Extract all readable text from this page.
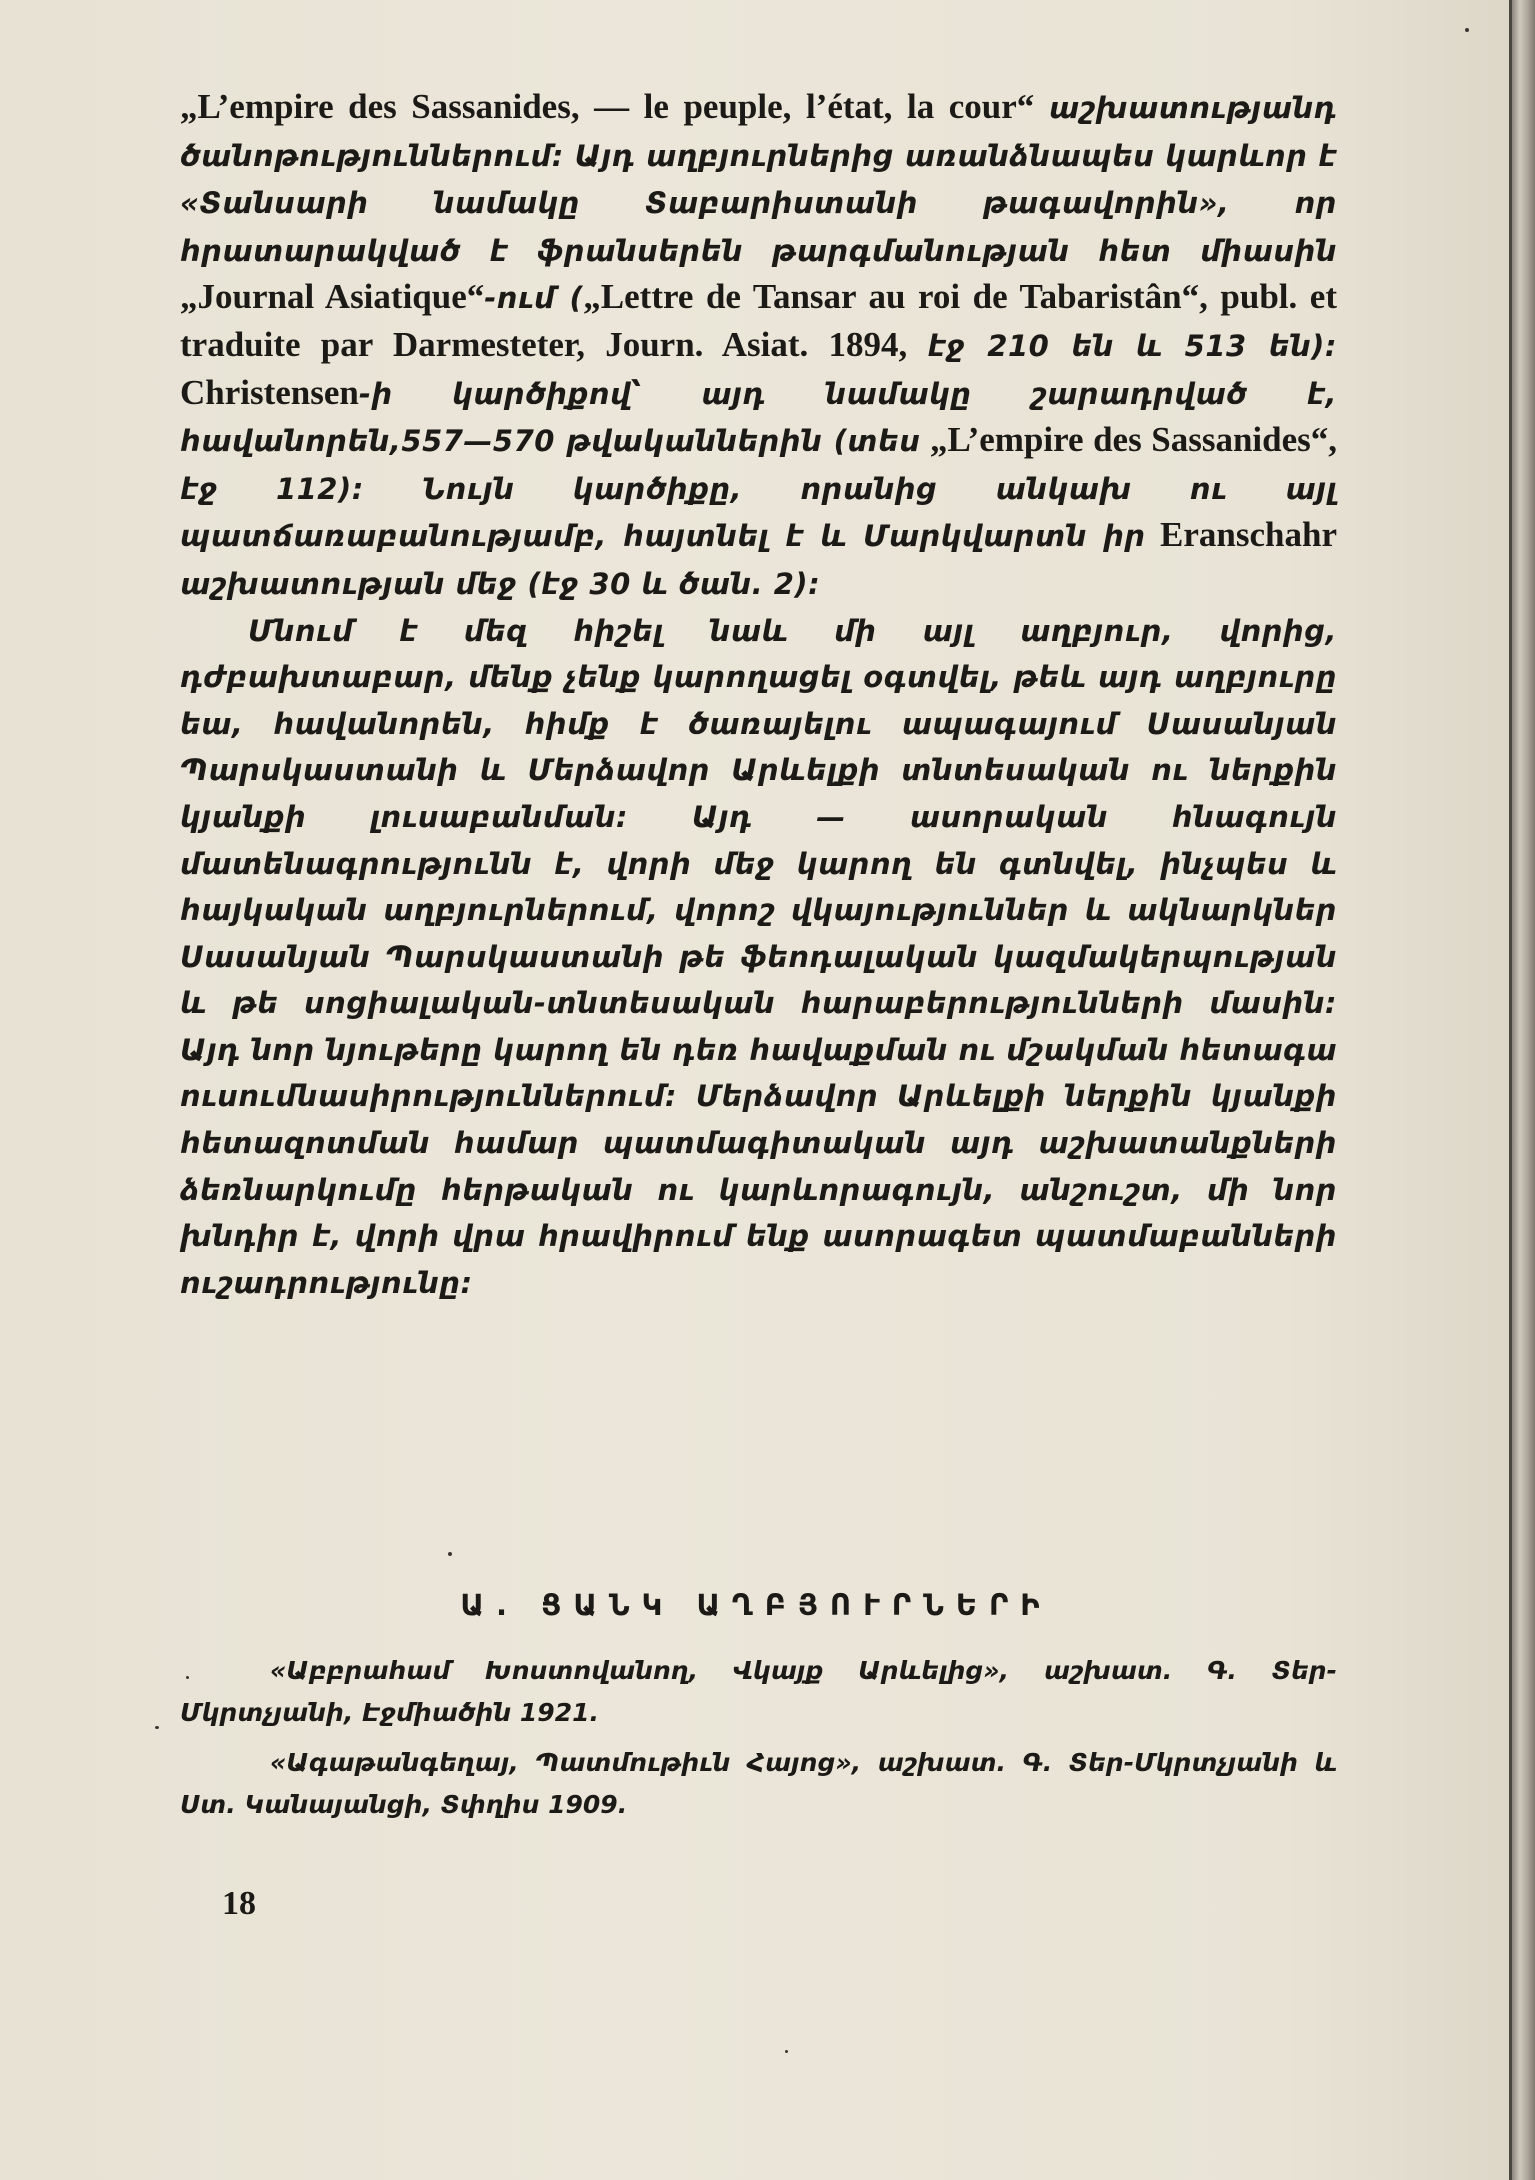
„L’empire des Sassanides, — le peuple, l’état, la cour“ աշխատությանդ ծանոթություններում։ Այդ աղբյուրներից առանձնապես կարևոր է «Տանսարի նամակը Տաբարիստանի թագավորին», որ հրատարակված է ֆրանսերեն թարգմանության հետ միասին „Journal Asiatique“-ում („Lettre de Tansar au roi de Tabaristân“, publ. et traduite par Darmesteter, Journ. Asiat. 1894, էջ 210 են և 513 են)։ Christensen-ի կարծիքով՝ այդ նամակը շարադրված է, հավանորեն,557—570 թվականներին (տես „L’empire des Sassanides“, էջ 112)։ Նույն կարծիքը, որանից անկախ ու այլ պատճառաբանությամբ, հայտնել է և Մարկվարտն իր Eranschahr աշխատության մեջ (էջ 30 և ծան. 2)։

Մնում է մեզ հիշել նաև մի այլ աղբյուր, վորից, դժբախտաբար, մենք չենք կարողացել օգտվել, թեև այդ աղբյուրը եա, հավանորեն, հիմք է ծառայելու ապագայում Սասանյան Պարսկաստանի և Մերձավոր Արևելքի տնտեսական ու ներքին կյանքի լուսաբանման։ Այդ — ասորական հնագույն մատենագրությունն է, վորի մեջ կարող են գտնվել, ինչպես և հայկական աղբյուրներում, վորոշ վկայություններ և ակնարկներ Սասանյան Պարսկաստանի թե ֆեոդալական կազմակերպության և թե սոցիալական-տնտեսական հարաբերությունների մասին։ Այդ նոր նյութերը կարող են դեռ հավաքման ու մշակման հետագա ուսումնասիրություններում։ Մերձավոր Արևելքի ներքին կյանքի հետազոտման համար պատմագիտական այդ աշխատանքների ձեռնարկումը հերթական ու կարևորագույն, անշուշտ, մի նոր խնդիր է, վորի վրա հրավիրում ենք ասորագետ պատմաբանների ուշադրությունը։

Ա. ՑԱՆԿ ԱՂԲՅՈՒՐՆԵՐԻ

«Աբբրահամ Խոստովանող, Վկայք Արևելից», աշխատ. Գ. Տեր-Մկրտչյանի, Էջմիածին 1921.

«Ագաթանգեղայ, Պատմութիւն Հայոց», աշխատ. Գ. Տեր-Մկրտչյանի և Ստ. Կանայանցի, Տփղիս 1909.

18
